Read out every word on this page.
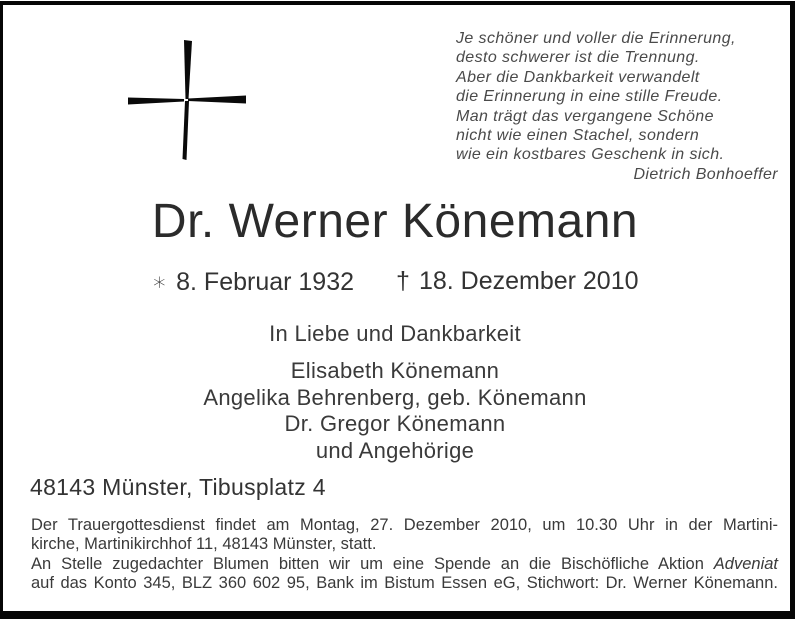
Je schöner und voller die Erinnerung,
desto schwerer ist die Trennung.
Aber die Dankbarkeit verwandelt
die Erinnerung in eine stille Freude.
Man trägt das vergangene Schöne
nicht wie einen Stachel, sondern
wie ein kostbares Geschenk in sich.
Dietrich Bonhoeffer
Dr. Werner Könemann
∗ 8. Februar 1932 † 18. Dezember 2010
In Liebe und Dankbarkeit
Elisabeth Könemann
Angelika Behrenberg, geb. Könemann
Dr. Gregor Könemann
und Angehörige
48143 Münster, Tibusplatz 4
Der Trauergottesdienst findet am Montag, 27. Dezember 2010, um 10.30 Uhr in der Martini-
kirche, Martinikirchhof 11, 48143 Münster, statt.
An Stelle zugedachter Blumen bitten wir um eine Spende an die Bischöfliche Aktion Adveniat
auf das Konto 345, BLZ 360 602 95, Bank im Bistum Essen eG, Stichwort: Dr. Werner Könemann.
